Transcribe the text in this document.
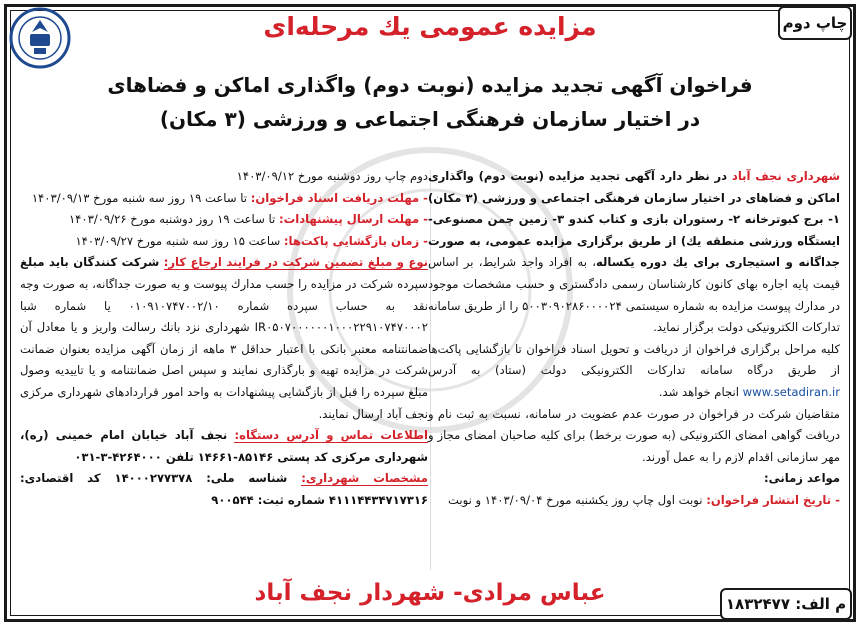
چاپ دوم
مزایده عمومی یك مرحله‌ای
فراخوان آگهی تجدید مزایده (نوبت دوم) واگذاری اماکن و فضاهای
در اختیار سازمان فرهنگی اجتماعی و ورزشی (۳ مکان)

شهرداری نجف آباد در نظر دارد آگهی تجدید مزایده (نوبت دوم) واگذاری اماکن و فضاهای در اختیار سازمان فرهنگی اجتماعی و ورزشی (۳ مکان) ۱- برج کبوترخانه ۲- رستوران بازی و کتاب کندو ۳- زمین چمن مصنوعی- ایستگاه ورزشی منطقه یك) از طریق برگزاری مزایده عمومی، به صورت جداگانه و استیجاری برای یك دوره یکساله، به افراد واجد شرایط، بر اساس قیمت پایه اجاره بهای کانون کارشناسان رسمی دادگستری و حسب مشخصات موجود در مدارك پیوست مزایده به شماره سیستمی ۵۰۰۳۰۹۰۲۸۶۰۰۰۰۲۴ را از طریق سامانه تدارکات الکترونیکی دولت برگزار نماید.

کلیه مراحل برگزاری فراخوان از دریافت و تحویل اسناد فراخوان تا بازگشایی پاکت‌ها از طریق درگاه سامانه تدارکات الکترونیکی دولت (ستاد) به آدرس www.setadiran.ir انجام خواهد شد.

متقاضیان شرکت در فراخوان در صورت عدم عضویت در سامانه، نسبت به ثبت نام و دریافت گواهی امضای الکترونیکی (به صورت برخط) برای کلیه صاحبان امضای مجاز و مهر سازمانی اقدام لازم را به عمل آورند.

مواعد زمانی:

- تاریخ انتشار فراخوان: نوبت اول چاپ روز یکشنبه مورخ ۱۴۰۳/۰۹/۰۴ و نوبت

دوم چاپ روز دوشنبه مورخ ۱۴۰۳/۰۹/۱۲

- مهلت دریافت اسناد فراخوان: تا ساعت ۱۹ روز سه شنبه مورخ ۱۴۰۳/۰۹/۱۳

- مهلت ارسال پیشنهادات: تا ساعت ۱۹ روز دوشنبه مورخ ۱۴۰۳/۰۹/۲۶

- زمان بازگشایی پاکت‌ها: ساعت ۱۵ روز سه شنبه مورخ ۱۴۰۳/۰۹/۲۷

نوع و مبلغ تضمین شرکت در فرایند ارجاع کار: شرکت کنندگان باید مبلغ سپرده شرکت در مزایده را حسب مدارك پیوست و به صورت جداگانه، به صورت وجه نقد به حساب سپرده شماره ۰۱۰۹۱۰۷۴۷۰۰۲/۱۰ یا شماره شبا IR۰۵۰۷۰۰۰۰۰۰۱۰۰۰۲۲۹۱۰۷۴۷۰۰۰۲ شهرداری نزد بانك رسالت واریز و یا معادل آن ضمانتنامه معتبر بانکی با اعتبار حداقل ۳ ماهه از زمان آگهی مزایده بعنوان ضمانت شرکت در مزایده تهیه و بارگذاری نمایند و سپس اصل ضمانتنامه و یا تاییدیه وصول مبلغ سپرده را قبل از بازگشایی پیشنهادات به واحد امور قراردادهای شهرداری مرکزی نجف آباد ارسال نمایند.

اطلاعات تماس و آدرس دستگاه: نجف آباد خیابان امام خمینی (ره)، شهرداری مرکزی کد پستی ۸۵۱۴۶-۱۴۶۶۱ تلفن ۴۲۶۴۰۰۰-۳-۰۳۱

مشخصات شهرداری: شناسه ملی: ۱۴۰۰۰۲۷۷۳۷۸ کد اقتصادی: ۴۱۱۱۴۴۳۴۷۱۷۳۱۶ شماره ثبت: ۹۰۰۵۴۴

عباس مرادی- شهردار نجف آباد	م الف: ۱۸۳۲۴۷۷
